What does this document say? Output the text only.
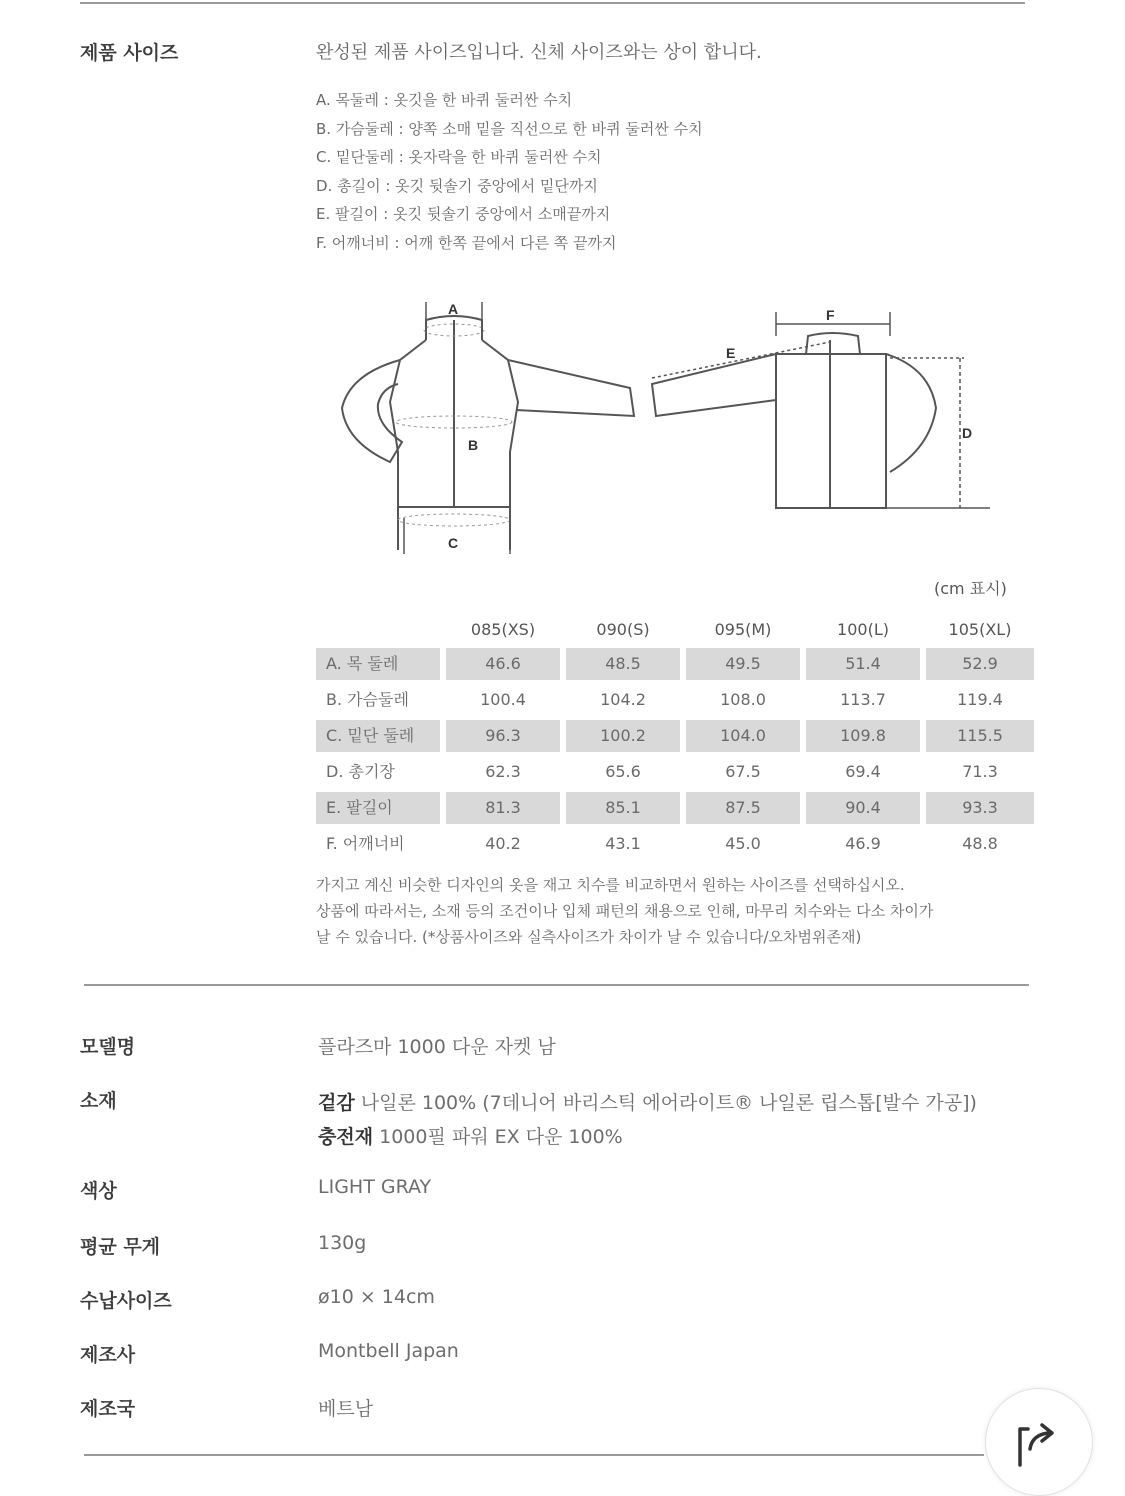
제품 사이즈	완성된 제품 사이즈입니다. 신체 사이즈와는 상이 합니다.
A. 목둘레 : 옷깃을 한 바퀴 둘러싼 수치
B. 가슴둘레 : 양쪽 소매 밑을 직선으로 한 바퀴 둘러싼 수치
C. 밑단둘레 : 옷자락을 한 바퀴 둘러싼 수치
D. 총길이 : 옷깃 뒷솔기 중앙에서 밑단까지
E. 팔길이 : 옷깃 뒷솔기 중앙에서 소매끝까지
F. 어깨너비 : 어깨 한쪽 끝에서 다른 쪽 끝까지
A
B
C
D
E
F
(cm 표시)
	085(XS)	090(S)	095(M)	100(L)	105(XL)

A. 목 둘레	46.6	48.5	49.5	51.4	52.9

B. 가슴둘레	100.4	104.2	108.0	113.7	119.4

C. 밑단 둘레	96.3	100.2	104.0	109.8	115.5

D. 총기장	62.3	65.6	67.5	69.4	71.3

E. 팔길이	81.3	85.1	87.5	90.4	93.3

F. 어깨너비	40.2	43.1	45.0	46.9	48.8
가지고 계신 비슷한 디자인의 옷을 재고 치수를 비교하면서 원하는 사이즈를 선택하십시오.
상품에 따라서는, 소재 등의 조건이나 입체 패턴의 채용으로 인해, 마무리 치수와는 다소 차이가
날 수 있습니다. (*상품사이즈와 실측사이즈가 차이가 날 수 있습니다/오차범위존재)
모델명	플라즈마 1000 다운 자켓 남
소재	겉감 나일론 100% (7데니어 바리스틱 에어라이트® 나일론 립스톱[발수 가공])
충전재 1000필 파워 EX 다운 100%
색상	LIGHT GRAY
평균 무게	130g
수납사이즈	ø10 × 14cm
제조사	Montbell Japan
제조국	베트남
